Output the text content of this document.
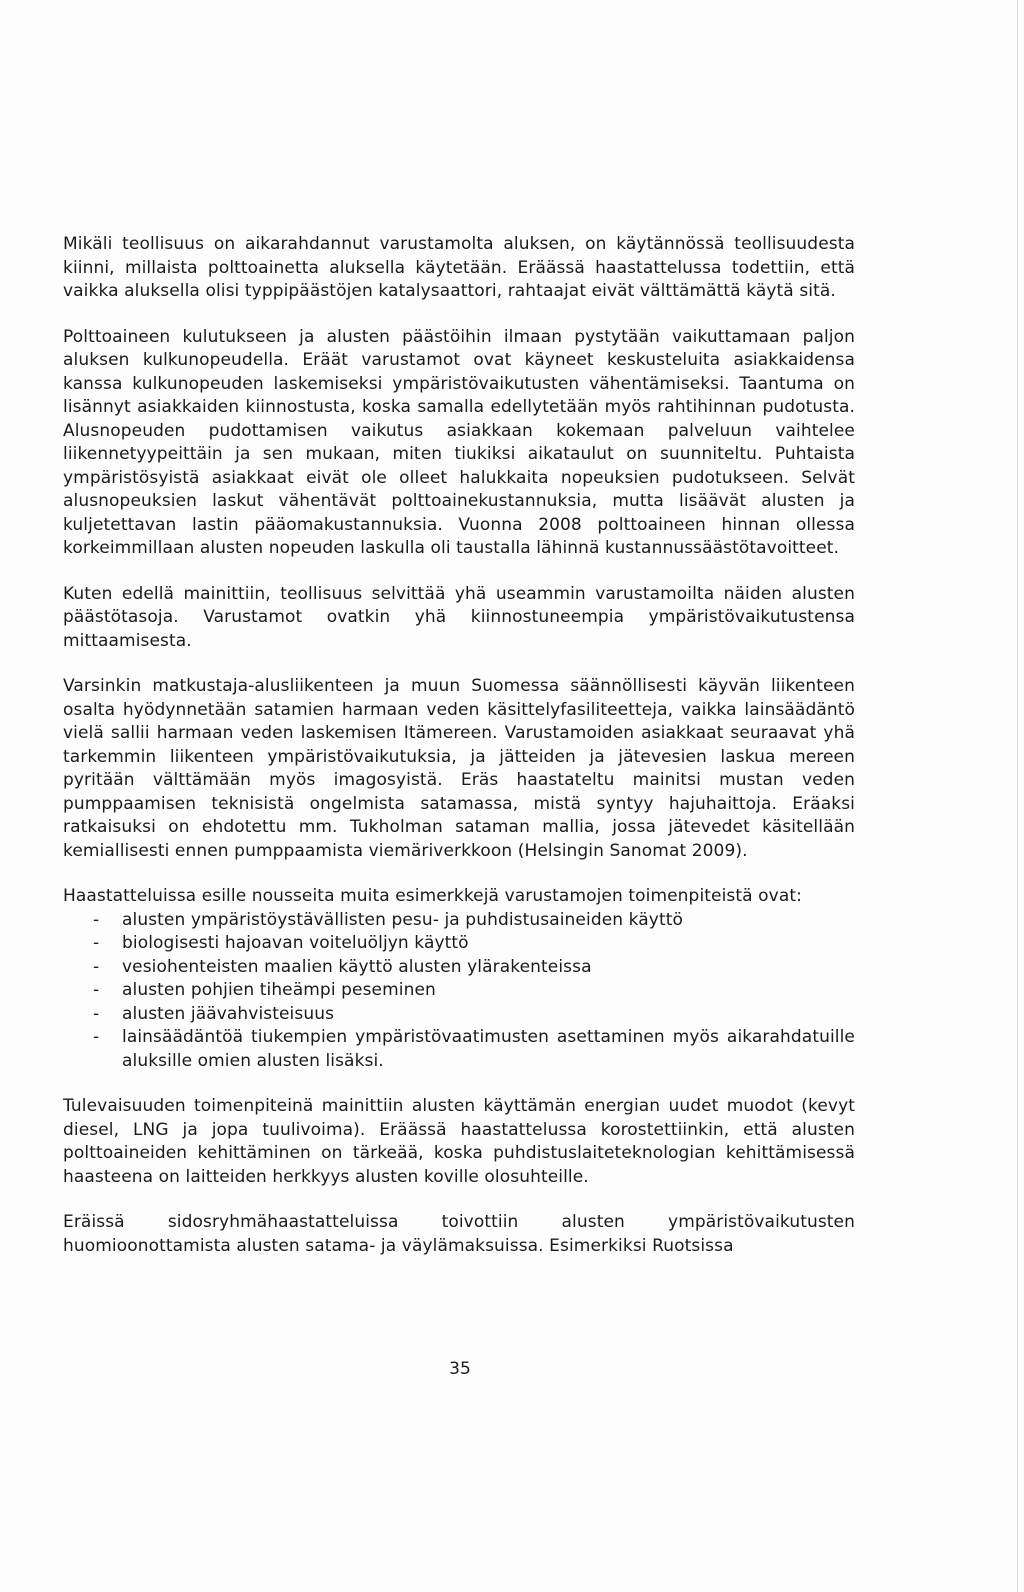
Mikäli teollisuus on aikarahdannut varustamolta aluksen, on käytännössä teollisuudesta kiinni, millaista polttoainetta aluksella käytetään. Eräässä haastattelussa todettiin, että vaikka aluksella olisi typpipäästöjen katalysaattori, rahtaajat eivät välttämättä käytä sitä.

Polttoaineen kulutukseen ja alusten päästöihin ilmaan pystytään vaikuttamaan paljon aluksen kulkunopeudella. Eräät varustamot ovat käyneet keskusteluita asiakkaidensa kanssa kulkunopeuden laskemiseksi ympäristövaikutusten vähentämiseksi. Taantuma on lisännyt asiakkaiden kiinnostusta, koska samalla edellytetään myös rahtihinnan pudotusta. Alusnopeuden pudottamisen vaikutus asiakkaan kokemaan palveluun vaihtelee liikennetyypeittäin ja sen mukaan, miten tiukiksi aikataulut on suunniteltu. Puhtaista ympäristösyistä asiakkaat eivät ole olleet halukkaita nopeuksien pudotukseen. Selvät alusnopeuksien laskut vähentävät polttoainekustannuksia, mutta lisäävät alusten ja kuljetettavan lastin pääomakustannuksia. Vuonna 2008 polttoaineen hinnan ollessa korkeimmillaan alusten nopeuden laskulla oli taustalla lähinnä kustannussäästötavoitteet.

Kuten edellä mainittiin, teollisuus selvittää yhä useammin varustamoilta näiden alusten päästötasoja. Varustamot ovatkin yhä kiinnostuneempia ympäristövaikutustensa mittaamisesta.

Varsinkin matkustaja-alusliikenteen ja muun Suomessa säännöllisesti käyvän liikenteen osalta hyödynnetään satamien harmaan veden käsittelyfasiliteetteja, vaikka lainsäädäntö vielä sallii harmaan veden laskemisen Itämereen. Varustamoiden asiakkaat seuraavat yhä tarkemmin liikenteen ympäristövaikutuksia, ja jätteiden ja jätevesien laskua mereen pyritään välttämään myös imagosyistä. Eräs haastateltu mainitsi mustan veden pumppaamisen teknisistä ongelmista satamassa, mistä syntyy hajuhaittoja. Eräaksi ratkaisuksi on ehdotettu mm. Tukholman sataman mallia, jossa jätevedet käsitellään kemiallisesti ennen pumppaamista viemäriverkkoon (Helsingin Sanomat 2009).

Haastatteluissa esille nousseita muita esimerkkejä varustamojen toimenpiteistä ovat:

- alusten ympäristöystävällisten pesu- ja puhdistusaineiden käyttö
- biologisesti hajoavan voiteluöljyn käyttö
- vesiohenteisten maalien käyttö alusten ylärakenteissa
- alusten pohjien tiheämpi peseminen
- alusten jäävahvisteisuus
- lainsäädäntöä tiukempien ympäristövaatimusten asettaminen myös aikarahdatuille aluksille omien alusten lisäksi.

Tulevaisuuden toimenpiteinä mainittiin alusten käyttämän energian uudet muodot (kevyt diesel, LNG ja jopa tuulivoima). Eräässä haastattelussa korostettiinkin, että alusten polttoaineiden kehittäminen on tärkeää, koska puhdistuslaiteteknologian kehittämisessä haasteena on laitteiden herkkyys alusten koville olosuhteille.

Eräissä sidosryhmähaastatteluissa toivottiin alusten ympäristövaikutusten huomioonottamista alusten satama- ja väylämaksuissa. Esimerkiksi Ruotsissa

35
